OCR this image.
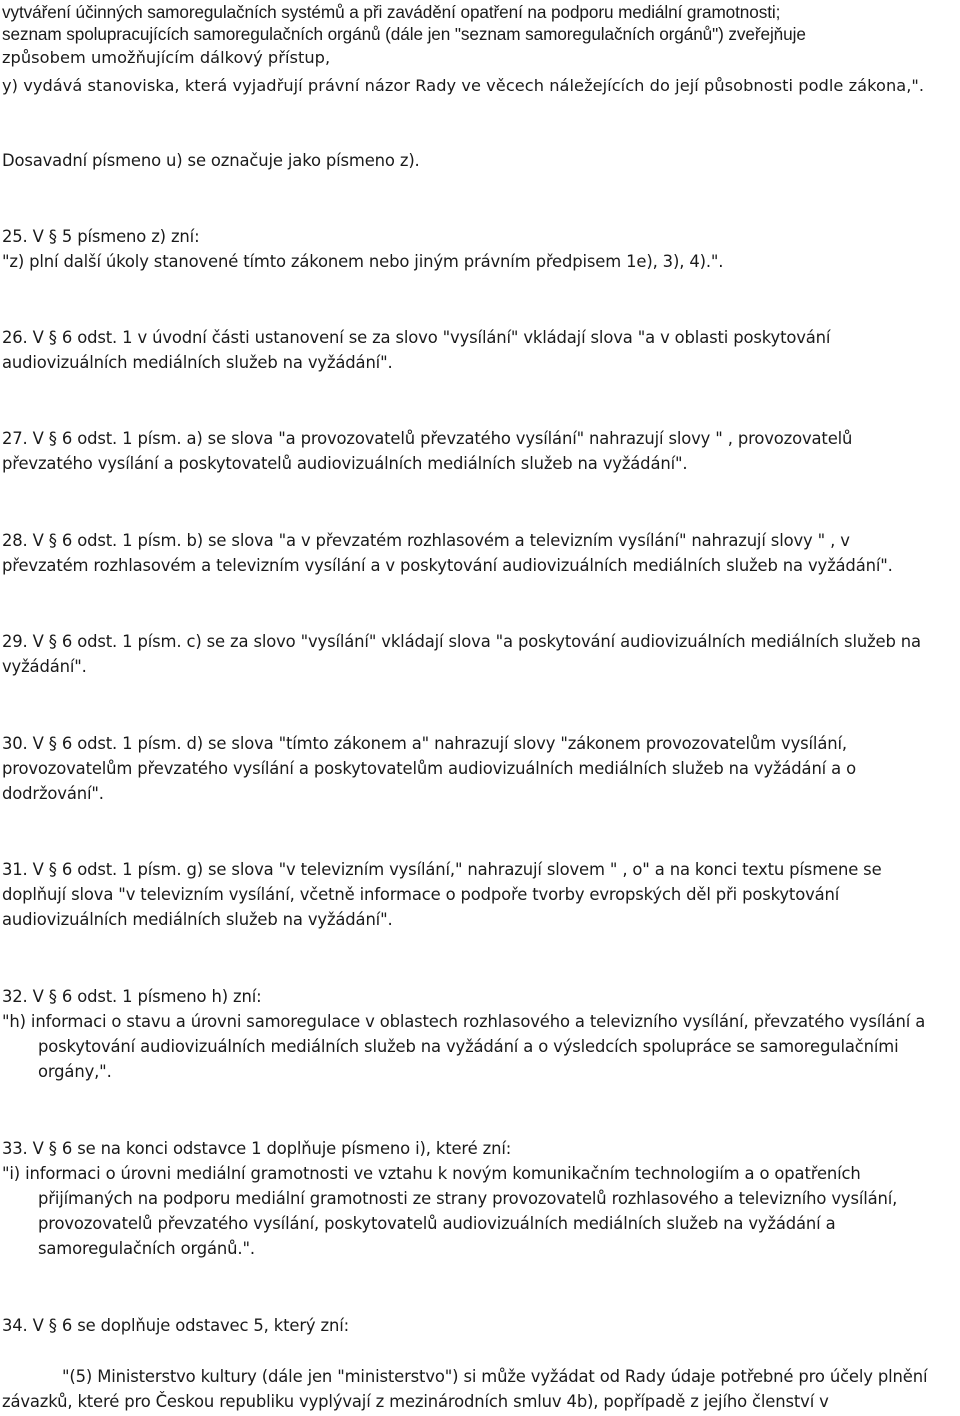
vytváření účinných samoregulačních systémů a při zavádění opatření na podporu mediální gramotnosti;
seznam spolupracujících samoregulačních orgánů (dále jen "seznam samoregulačních orgánů") zveřejňuje
způsobem umožňujícím dálkový přístup,
y) vydává stanoviska, která vyjadřují právní názor Rady ve věcech náležejících do její působnosti podle zákona,".
Dosavadní písmeno u) se označuje jako písmeno z).
25. V § 5 písmeno z) zní:
"z) plní další úkoly stanovené tímto zákonem nebo jiným právním předpisem 1e), 3), 4).".
26. V § 6 odst. 1 v úvodní části ustanovení se za slovo "vysílání" vkládají slova "a v oblasti poskytování
audiovizuálních mediálních služeb na vyžádání".
27. V § 6 odst. 1 písm. a) se slova "a provozovatelů převzatého vysílání" nahrazují slovy " , provozovatelů
převzatého vysílání a poskytovatelů audiovizuálních mediálních služeb na vyžádání".
28. V § 6 odst. 1 písm. b) se slova "a v převzatém rozhlasovém a televizním vysílání" nahrazují slovy " , v
převzatém rozhlasovém a televizním vysílání a v poskytování audiovizuálních mediálních služeb na vyžádání".
29. V § 6 odst. 1 písm. c) se za slovo "vysílání" vkládají slova "a poskytování audiovizuálních mediálních služeb na
vyžádání".
30. V § 6 odst. 1 písm. d) se slova "tímto zákonem a" nahrazují slovy "zákonem provozovatelům vysílání,
provozovatelům převzatého vysílání a poskytovatelům audiovizuálních mediálních služeb na vyžádání a o
dodržování".
31. V § 6 odst. 1 písm. g) se slova "v televizním vysílání," nahrazují slovem " , o" a na konci textu písmene se
doplňují slova "v televizním vysílání, včetně informace o podpoře tvorby evropských děl při poskytování
audiovizuálních mediálních služeb na vyžádání".
32. V § 6 odst. 1 písmeno h) zní:
"h) informaci o stavu a úrovni samoregulace v oblastech rozhlasového a televizního vysílání, převzatého vysílání a
poskytování audiovizuálních mediálních služeb na vyžádání a o výsledcích spolupráce se samoregulačními
orgány,".
33. V § 6 se na konci odstavce 1 doplňuje písmeno i), které zní:
"i) informaci o úrovni mediální gramotnosti ve vztahu k novým komunikačním technologiím a o opatřeních
přijímaných na podporu mediální gramotnosti ze strany provozovatelů rozhlasového a televizního vysílání,
provozovatelů převzatého vysílání, poskytovatelů audiovizuálních mediálních služeb na vyžádání a
samoregulačních orgánů.".
34. V § 6 se doplňuje odstavec 5, který zní:
"(5) Ministerstvo kultury (dále jen "ministerstvo") si může vyžádat od Rady údaje potřebné pro účely plnění
závazků, které pro Českou republiku vyplývají z mezinárodních smluv 4b), popřípadě z jejího členství v
